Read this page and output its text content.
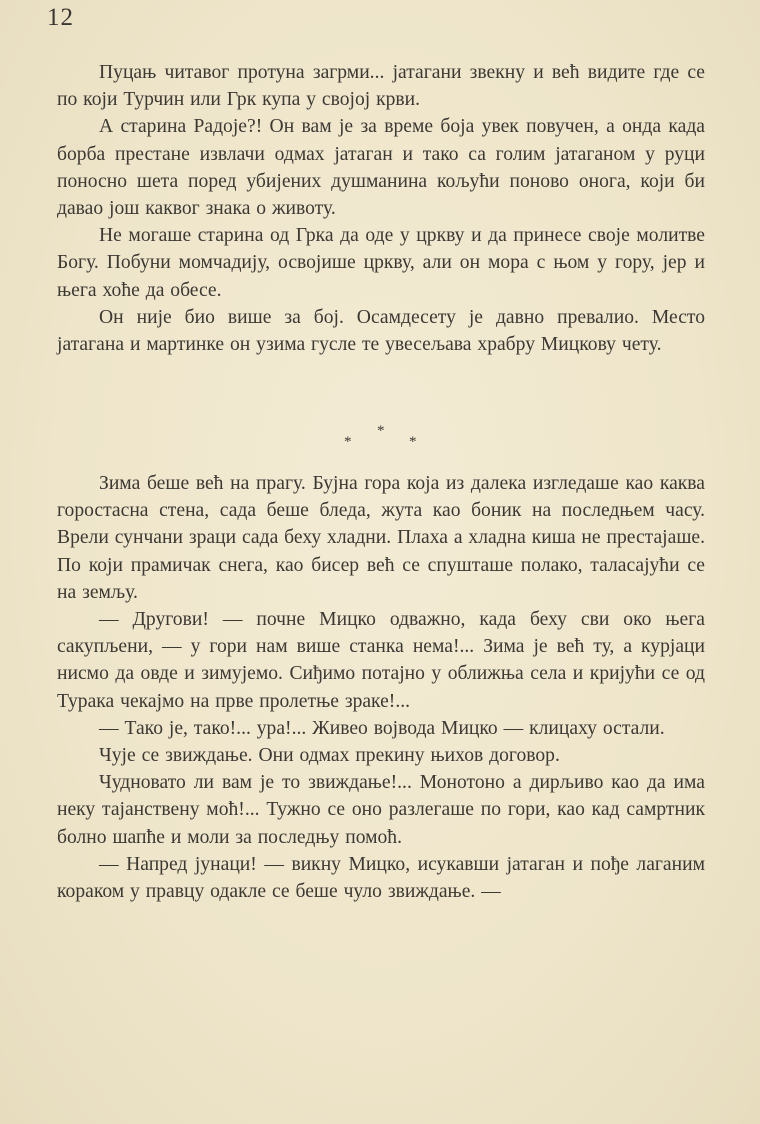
12

Пуцањ читавог протуна загрми... јатагани звекну и већ видите где се по који Турчин или Грк купа у својој крви.

А старина Радоје?! Он вам је за време боја увек повучен, а онда када борба престане извлачи одмах јатаган и тако са голим јатаганом у руци поносно шета поред убијених душманина кољући поново онога, који би давао још каквог знака о животу.

Не могаше старина од Грка да оде у цркву и да принесе своје молитве Богу. Побуни момчадију, освојише цркву, али он мора с њом у гору, јер и њега хоће да обесе.

Он није био више за бој. Осамдесету је давно превалио. Место јатагана и мартинке он узима гусле те увесељава храбру Мицкову чету.

*
*	*

Зима беше већ на прагу. Бујна гора која из далека изгледаше као каква горостасна стена, сада беше бледа, жута као боник на последњем часу. Врели сунчани зраци сада беху хладни. Плаха а хладна киша не престајаше. По који прамичак снега, као бисер већ се спушташе полако, таласајући се на земљу.

— Другови! — почне Мицко одважно, када беху сви око њега сакупљени, — у гори нам више станка нема!... Зима је већ ту, а курјаци нисмо да овде и зимујемо. Сиђимо потајно у оближња села и кријући се од Турака чекајмо на прве пролетње зраке!...

— Тако је, тако!... ура!... Живео војвода Мицко — клицаху остали.

Чује се звиждање. Они одмах прекину њихов договор.

Чудновато ли вам је то звиждање!... Монотоно а дирљиво као да има неку тајанствену моћ!... Тужно се оно разлегаше по гори, као кад самртник болно шапће и моли за последњу помоћ.

— Напред јунаци! — викну Мицко, исукавши јатаган и пође лаганим кораком у правцу одакле се беше чуло звиждање. —
